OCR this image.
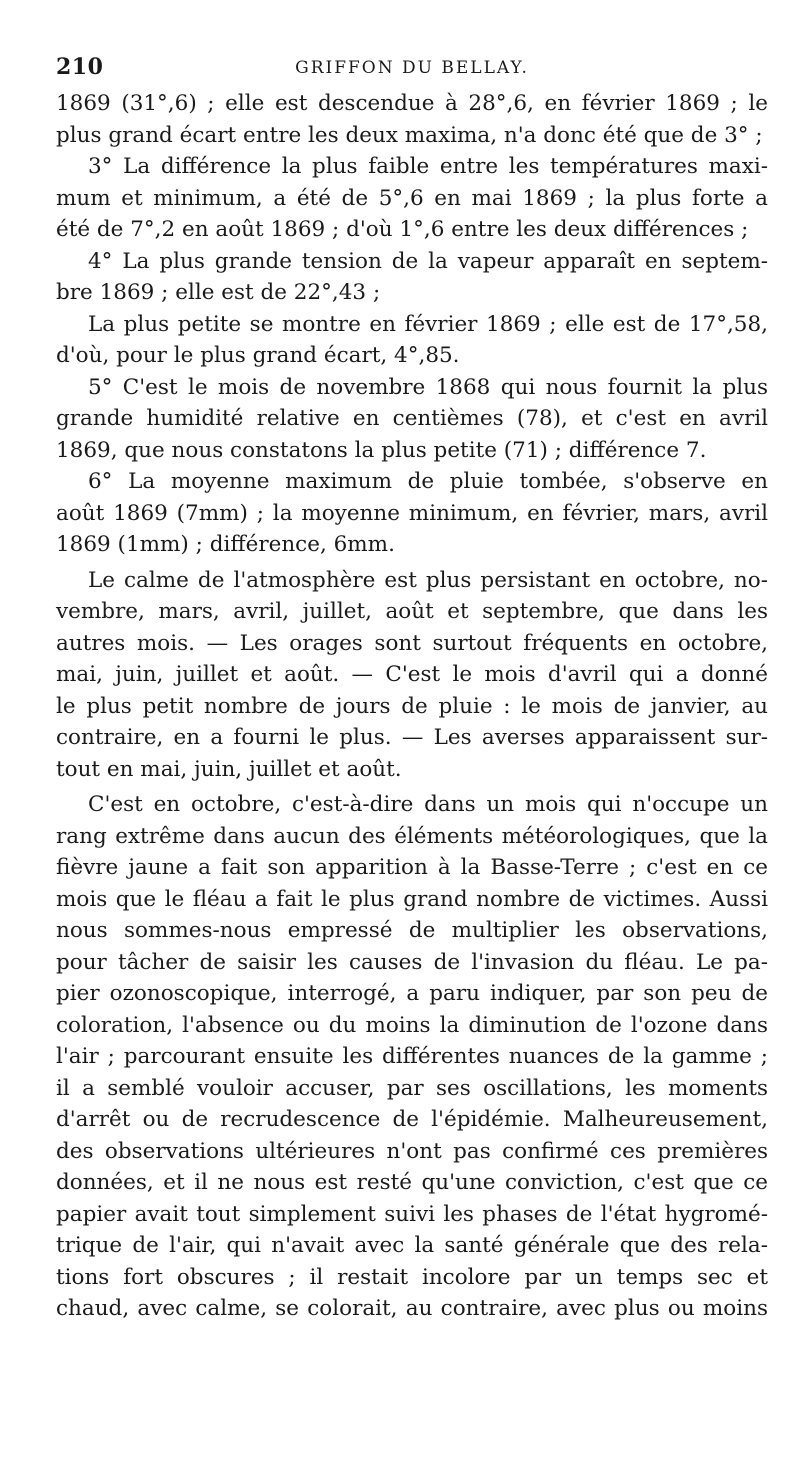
210	GRIFFON DU BELLAY.
1869 (31°,6) ; elle est descendue à 28°,6, en février 1869 ; le
plus grand écart entre les deux maxima, n'a donc été que de 3° ;
3° La différence la plus faible entre les températures maxi-
mum et minimum, a été de 5°,6 en mai 1869 ; la plus forte a
été de 7°,2 en août 1869 ; d'où 1°,6 entre les deux différences ;
4° La plus grande tension de la vapeur apparaît en septem-
bre 1869 ; elle est de 22°,43 ;
La plus petite se montre en février 1869 ; elle est de 17°,58,
d'où, pour le plus grand écart, 4°,85.
5° C'est le mois de novembre 1868 qui nous fournit la plus
grande humidité relative en centièmes (78), et c'est en avril
1869, que nous constatons la plus petite (71) ; différence 7.
6° La moyenne maximum de pluie tombée, s'observe en
août 1869 (7mm) ; la moyenne minimum, en février, mars, avril
1869 (1mm) ; différence, 6mm.
Le calme de l'atmosphère est plus persistant en octobre, no-
vembre, mars, avril, juillet, août et septembre, que dans les
autres mois. — Les orages sont surtout fréquents en octobre,
mai, juin, juillet et août. — C'est le mois d'avril qui a donné
le plus petit nombre de jours de pluie : le mois de janvier, au
contraire, en a fourni le plus. — Les averses apparaissent sur-
tout en mai, juin, juillet et août.
C'est en octobre, c'est-à-dire dans un mois qui n'occupe un
rang extrême dans aucun des éléments météorologiques, que la
fièvre jaune a fait son apparition à la Basse-Terre ; c'est en ce
mois que le fléau a fait le plus grand nombre de victimes. Aussi
nous sommes-nous empressé de multiplier les observations,
pour tâcher de saisir les causes de l'invasion du fléau. Le pa-
pier ozonoscopique, interrogé, a paru indiquer, par son peu de
coloration, l'absence ou du moins la diminution de l'ozone dans
l'air ; parcourant ensuite les différentes nuances de la gamme ;
il a semblé vouloir accuser, par ses oscillations, les moments
d'arrêt ou de recrudescence de l'épidémie. Malheureusement,
des observations ultérieures n'ont pas confirmé ces premières
données, et il ne nous est resté qu'une conviction, c'est que ce
papier avait tout simplement suivi les phases de l'état hygromé-
trique de l'air, qui n'avait avec la santé générale que des rela-
tions fort obscures ; il restait incolore par un temps sec et
chaud, avec calme, se colorait, au contraire, avec plus ou moins
